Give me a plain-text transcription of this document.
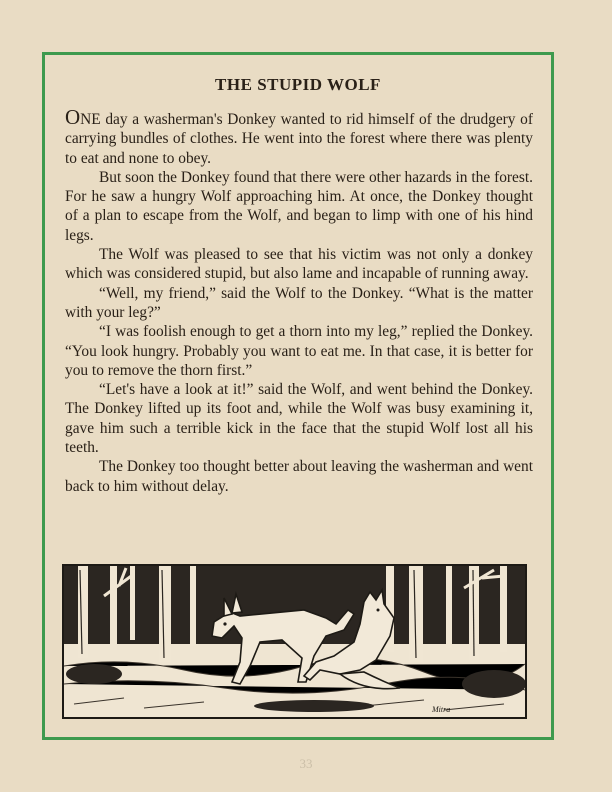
THE STUPID WOLF

ONE day a washerman's Donkey wanted to rid himself of the drudgery of carrying bundles of clothes. He went into the forest where there was plenty to eat and none to obey.

But soon the Donkey found that there were other hazards in the forest. For he saw a hungry Wolf approaching him. At once, the Donkey thought of a plan to escape from the Wolf, and began to limp with one of his hind legs.

The Wolf was pleased to see that his victim was not only a donkey which was considered stupid, but also lame and incapable of running away.

“Well, my friend,” said the Wolf to the Donkey. “What is the matter with your leg?”

“I was foolish enough to get a thorn into my leg,” replied the Donkey. “You look hungry. Probably you want to eat me. In that case, it is better for you to remove the thorn first.”

“Let's have a look at it!” said the Wolf, and went behind the Donkey. The Donkey lifted up its foot and, while the Wolf was busy examining it, gave him such a terrible kick in the face that the stupid Wolf lost all his teeth.

The Donkey too thought better about leaving the washerman and went back to him without delay.

Mitra
33
